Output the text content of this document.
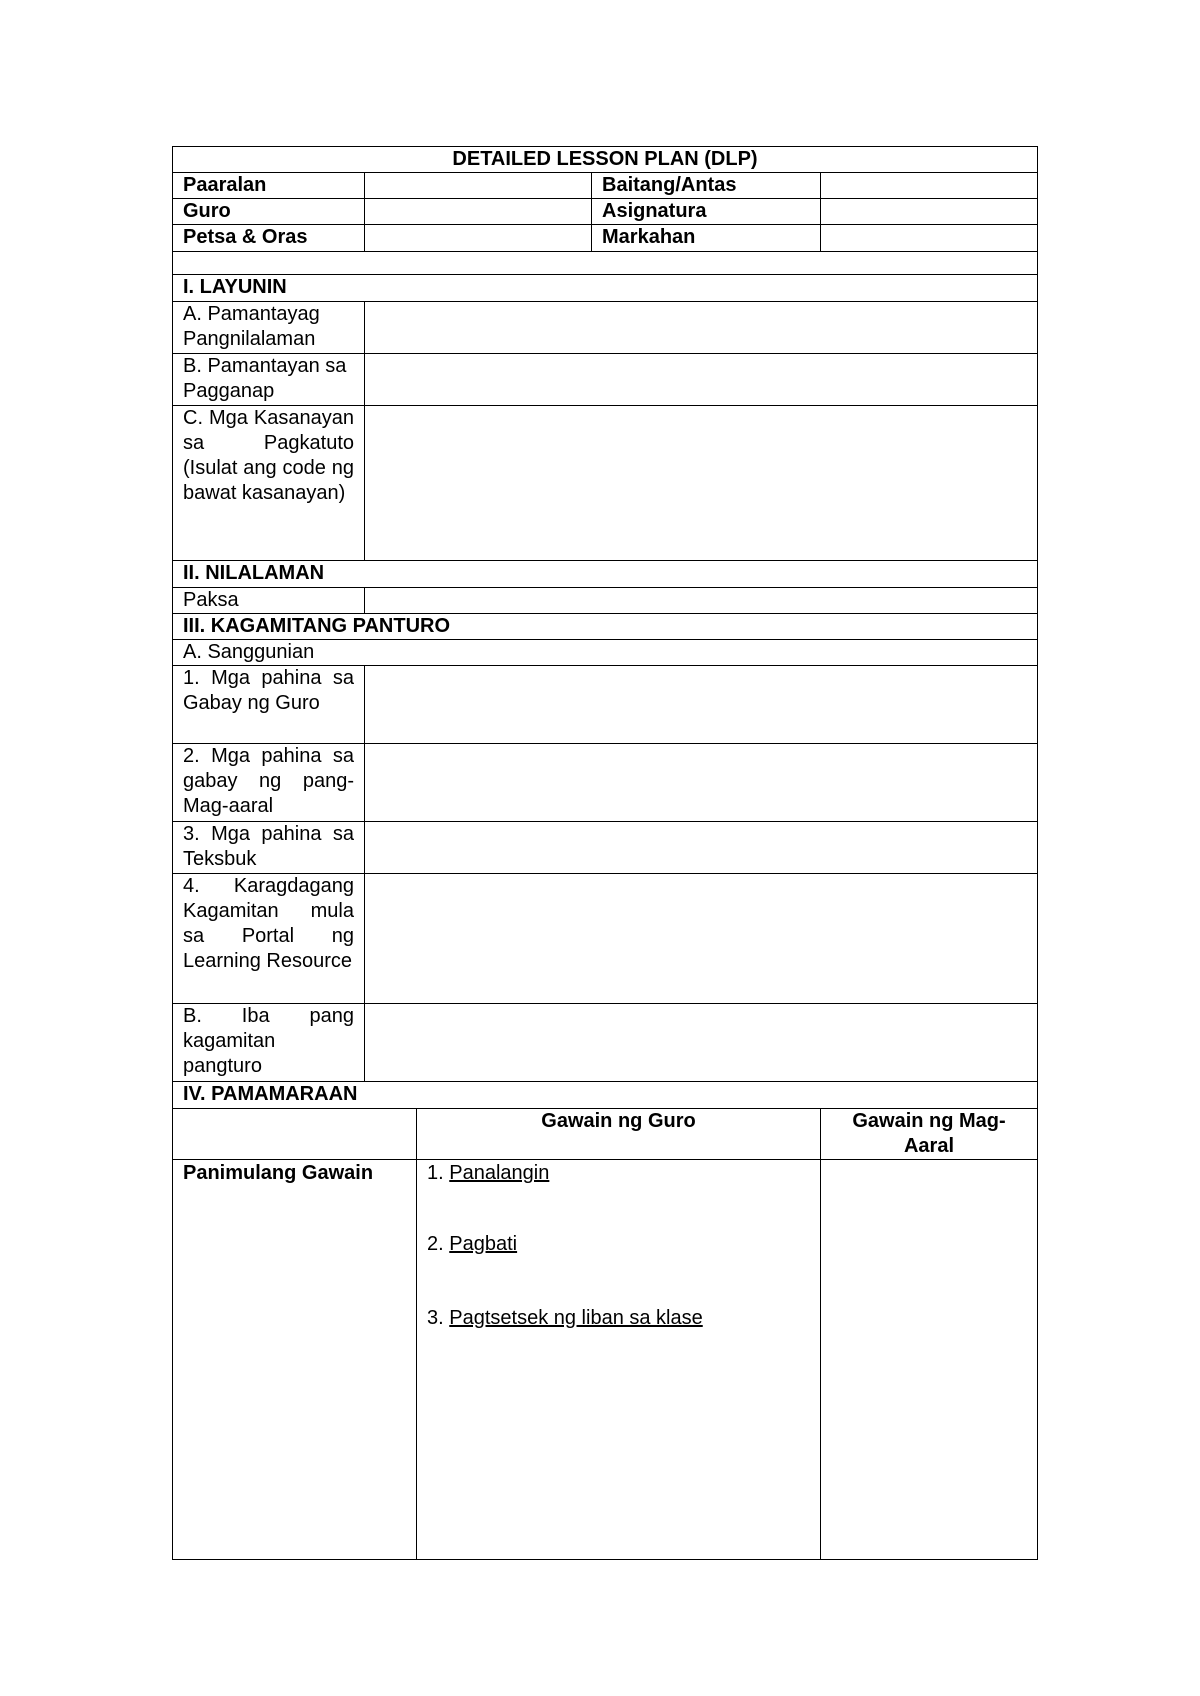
DETAILED LESSON PLAN (DLP)				
Paaralan			Baitang/Antas	
Guro			Asignatura	
Petsa & Oras			Markahan	

I. LAYUNIN				
A. Pamantayag Pangnilalaman				
B. Pamantayan sa Pagganap				
C. Mga Kasanayan sa Pagkatuto (Isulat ang code ng bawat kasanayan)				
II. NILALAMAN				
Paksa				
III. KAGAMITANG PANTURO				
A. Sanggunian				
1. Mga pahina sa Gabay ng Guro				
2. Mga pahina sa gabay ng pang-Mag-aaral				
3. Mga pahina sa Teksbuk				
4. Karagdagang Kagamitan mula sa Portal ng Learning Resource				
B. Iba pang kagamitan pangturo				
IV. PAMAMARAAN				
		Gawain ng Guro		Gawain ng Mag- Aaral
Panimulang Gawain		1. Panalangin

2. Pagbati

3. Pagtsetsek ng liban sa klase		
